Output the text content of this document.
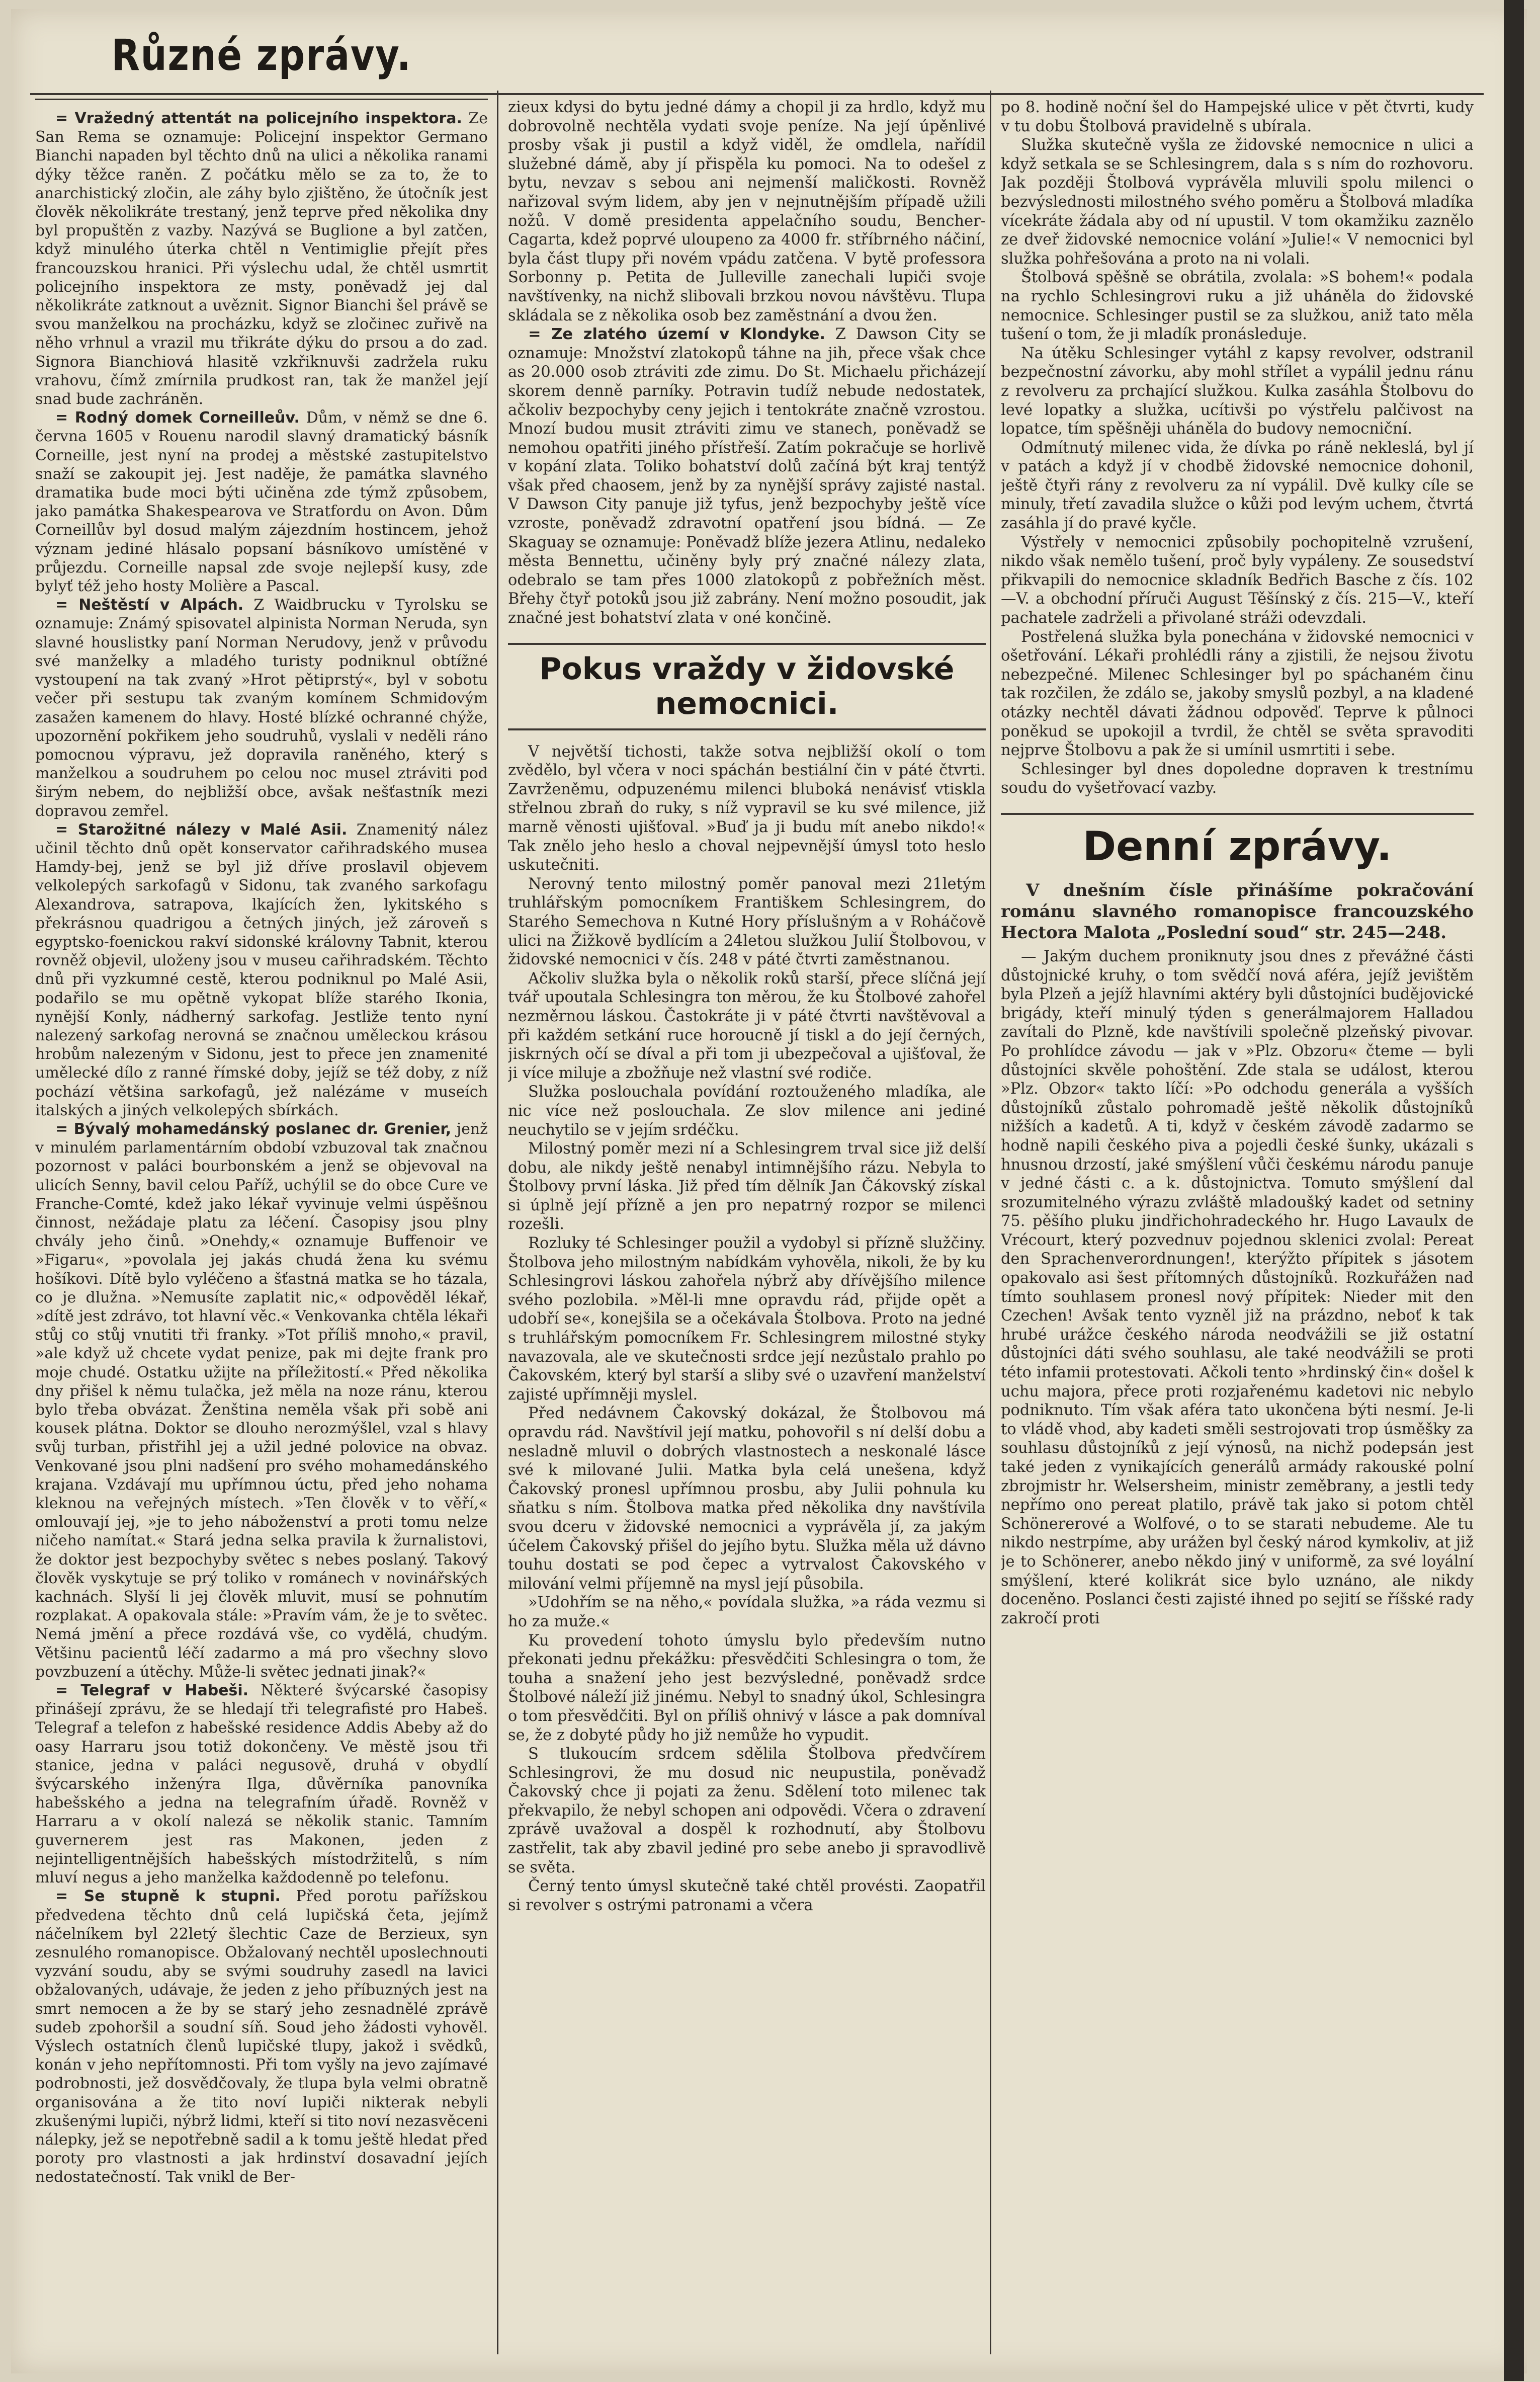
Různé zprávy.

= Vražedný attentát na policejního inspektora. Ze San Rema se oznamuje: Policejní inspektor Germano Bianchi napaden byl těchto dnů na ulici a několika ranami dýky těžce raněn. Z počátku mělo se za to, že to anarchistický zločin, ale záhy bylo zjištěno, že útočník jest člověk několikráte trestaný, jenž teprve před několika dny byl propuštěn z vazby. Nazývá se Buglione a byl zatčen, když minulého úterka chtěl n Ventimiglie přejít přes francouzskou hranici. Při výslechu udal, že chtěl usmrtit policejního inspektora ze msty, poněvadž jej dal několikráte zatknout a uvěznit. Signor Bianchi šel právě se svou manželkou na procházku, když se zločinec zuřivě na něho vrhnul a vrazil mu třikráte dýku do prsou a do zad. Signora Bianchiová hlasitě vzkřiknuvši zadržela ruku vrahovu, čímž zmírnila prudkost ran, tak že manžel její snad bude zachráněn.

= Rodný domek Corneilleův. Dům, v němž se dne 6. června 1605 v Rouenu narodil slavný dramatický básník Corneille, jest nyní na prodej a městské zastupitelstvo snaží se zakoupit jej. Jest naděje, že památka slavného dramatika bude moci býti učiněna zde týmž způsobem, jako památka Shakespearova ve Stratfordu on Avon. Dům Corneillův byl dosud malým zájezdním hostincem, jehož význam jediné hlásalo popsaní básníkovo umístěné v průjezdu. Corneille napsal zde svoje nejlepší kusy, zde bylyť též jeho hosty Molière a Pascal.

= Neštěstí v Alpách. Z Waidbrucku v Tyrolsku se oznamuje: Známý spisovatel alpinista Norman Neruda, syn slavné houslistky paní Norman Nerudovy, jenž v průvodu své manželky a mladého turisty podniknul obtížné vystoupení na tak zvaný »Hrot pětiprstý«, byl v sobotu večer při sestupu tak zvaným komínem Schmidovým zasažen kamenem do hlavy. Hosté blízké ochranné chýže, upozornění pokřikem jeho soudruhů, vyslali v neděli ráno pomocnou výpravu, jež dopravila raněného, který s manželkou a soudruhem po celou noc musel ztráviti pod širým nebem, do nejbližší obce, avšak nešťastník mezi dopravou zemřel.

= Starožitné nálezy v Malé Asii. Znamenitý nález učinil těchto dnů opět konservator cařihradského musea Hamdy-bej, jenž se byl již dříve proslavil objevem velkolepých sarkofagů v Sidonu, tak zvaného sarkofagu Alexandrova, satrapova, lkajících žen, lykitského s překrásnou quadrigou a četných jiných, jež zároveň s egyptsko-foenickou rakví sidonské královny Tabnit, kterou rovněž objevil, uloženy jsou v museu cařihradském. Těchto dnů při vyzkumné cestě, kterou podniknul po Malé Asii, podařilo se mu opětně vykopat blíže starého Ikonia, nynější Konly, nádherný sarkofag. Jestliže tento nyní nalezený sarkofag nerovná se značnou uměleckou krásou hrobům nalezeným v Sidonu, jest to přece jen znamenité umělecké dílo z ranné římské doby, jejíž se též doby, z níž pochází většina sarkofagů, jež nalézáme v museích italských a jiných velkolepých sbírkách.

= Bývalý mohamedánský poslanec dr. Grenier, jenž v minulém parlamentárním období vzbuzoval tak značnou pozornost v paláci bourbonském a jenž se objevoval na ulicích Senny, bavil celou Paříž, uchýlil se do obce Cure ve Franche-Comté, kdež jako lékař vyvinuje velmi úspěšnou činnost, nežádaje platu za léčení. Časopisy jsou plny chvály jeho činů. »Onehdy,« oznamuje Buffenoir ve »Figaru«, »povolala jej jakás chudá žena ku svému hošíkovi. Dítě bylo vyléčeno a šťastná matka se ho tázala, co je dlužna. »Nemusíte zaplatit nic,« odpověděl lékař, »dítě jest zdrávo, tot hlavní věc.« Venkovanka chtěla lékaři stůj co stůj vnutiti tři franky. »Tot příliš mnoho,« pravil, »ale když už chcete vydat penize, pak mi dejte frank pro moje chudé. Ostatku užijte na příležitostí.« Před několika dny přišel k němu tulačka, jež měla na noze ránu, kterou bylo třeba obvázat. Ženština neměla však při sobě ani kousek plátna. Doktor se dlouho nerozmýšlel, vzal s hlavy svůj turban, přistřihl jej a užil jedné polovice na obvaz. Venkované jsou plni nadšení pro svého mohamedánského krajana. Vzdávají mu upřímnou úctu, před jeho nohama kleknou na veřejných místech. »Ten člověk v to věří,« omlouvají jej, »je to jeho náboženství a proti tomu nelze ničeho namítat.« Stará jedna selka pravila k žurnalistovi, že doktor jest bezpochyby světec s nebes poslaný. Takový člověk vyskytuje se prý toliko v románech v novinářských kachnách. Slyší li jej člověk mluvit, musí se pohnutím rozplakat. A opakovala stále: »Pravím vám, že je to světec. Nemá jmění a přece rozdává vše, co vydělá, chudým. Většinu pacientů léčí zadarmo a má pro všechny slovo povzbuzení a útěchy. Může-li světec jednati jinak?«

= Telegraf v Habeši. Některé švýcarské časopisy přinášejí zprávu, že se hledají tři telegrafisté pro Habeš. Telegraf a telefon z habešské residence Addis Abeby až do oasy Harraru jsou totiž dokončeny. Ve městě jsou tři stanice, jedna v paláci negusově, druhá v obydlí švýcarského inženýra Ilga, důvěrníka panovníka habešského a jedna na telegrafním úřadě. Rovněž v Harraru a v okolí nalezá se několik stanic. Tamním guvernerem jest ras Makonen, jeden z nejintelligentnějších habešských místodržitelů, s ním mluví negus a jeho manželka každodenně po telefonu.

= Se stupně k stupni. Před porotu pařížskou předvedena těchto dnů celá lupičská četa, jejímž náčelníkem byl 22letý šlechtic Caze de Berzieux, syn zesnulého romanopisce. Obžalovaný nechtěl uposlechnouti vyzvání soudu, aby se svými soudruhy zasedl na lavici obžalovaných, udávaje, že jeden z jeho příbuzných jest na smrt nemocen a že by se starý jeho zesnadnělé zprávě sudeb zpohoršil a soudní síň. Soud jeho žádosti vyhověl. Výslech ostatních členů lupičské tlupy, jakož i svědků, konán v jeho nepřítomnosti. Při tom vyšly na jevo zajímavé podrobnosti, jež dosvědčovaly, že tlupa byla velmi obratně organisována a že tito noví lupiči nikterak nebyli zkušenými lupiči, nýbrž lidmi, kteří si tito noví nezasvěceni nálepky, jež se nepotřebně sadil a k tomu ještě hledat před poroty pro vlastnosti a jak hrdinství dosavadní jejích nedostatečností. Tak vnikl de Ber-

zieux kdysi do bytu jedné dámy a chopil ji za hrdlo, když mu dobrovolně nechtěla vydati svoje peníze. Na její úpěnlivé prosby však ji pustil a když viděl, že omdlela, nařídil služebné dámě, aby jí přispěla ku pomoci. Na to odešel z bytu, nevzav s sebou ani nejmenší maličkosti. Rovněž nařizoval svým lidem, aby jen v nejnutnějším případě užili nožů. V domě presidenta appelačního soudu, Bencher-Cagarta, kdež poprvé uloupeno za 4000 fr. stříbrného náčiní, byla část tlupy při novém vpádu zatčena. V bytě professora Sorbonny p. Petita de Julleville zanechali lupiči svoje navštívenky, na nichž slibovali brzkou novou návštěvu. Tlupa skládala se z několika osob bez zaměstnání a dvou žen.

= Ze zlatého území v Klondyke. Z Dawson City se oznamuje: Množství zlatokopů táhne na jih, přece však chce as 20.000 osob ztráviti zde zimu. Do St. Michaelu přicházejí skorem denně parníky. Potravin tudíž nebude nedostatek, ačkoliv bezpochyby ceny jejich i tentokráte značně vzrostou. Mnozí budou musit ztráviti zimu ve stanech, poněvadž se nemohou opatřiti jiného přístřeší. Zatím pokračuje se horlivě v kopání zlata. Toliko bohatství dolů začíná být kraj tentýž však před chaosem, jenž by za nynější správy zajisté nastal. V Dawson City panuje již tyfus, jenž bezpochyby ještě více vzroste, poněvadž zdravotní opatření jsou bídná. — Ze Skaguay se oznamuje: Poněvadž blíže jezera Atlinu, nedaleko města Bennettu, učiněny byly prý značné nálezy zlata, odebralo se tam přes 1000 zlatokopů z pobřežních měst. Břehy čtyř potoků jsou již zabrány. Není možno posoudit, jak značné jest bohatství zlata v oné končině.

Pokus vraždy v židovské nemocnici.

V největší tichosti, takže sotva nejbližší okolí o tom zvědělo, byl včera v noci spáchán bestiální čin v páté čtvrti. Zavrženěmu, odpuzenému milenci bluboká nenávisť vtiskla střelnou zbraň do ruky, s níž vypravil se ku své milence, již marně věnosti ujišťoval. »Buď ja ji budu mít anebo nikdo!« Tak znělo jeho heslo a choval nejpevnější úmysl toto heslo uskutečniti.

Nerovný tento milostný poměr panoval mezi 21letým truhlářským pomocníkem Františkem Schlesingrem, do Starého Semechova n Kutné Hory příslušným a v Roháčově ulici na Žižkově bydlícím a 24letou služkou Julií Štolbovou, v židovské nemocnici v čís. 248 v páté čtvrti zaměstnanou.

Ačkoliv služka byla o několik roků starší, přece slíčná její tvář upoutala Schlesingra ton měrou, že ku Štolbové zahořel nezměrnou láskou. Častokráte ji v páté čtvrti navštěvoval a při každém setkání ruce horoucně jí tiskl a do její černých, jiskrných očí se díval a při tom ji ubezpečoval a ujišťoval, že ji více miluje a zbožňuje než vlastní své rodiče.

Služka poslouchala povídání roztouženého mladíka, ale nic více než poslouchala. Ze slov milence ani jediné neuchytilo se v jejím srdéčku.

Milostný poměr mezi ní a Schlesingrem trval sice již delší dobu, ale nikdy ještě nenabyl intimnějšího rázu. Nebyla to Štolbovy první láska. Již před tím dělník Jan Čákovský získal si úplně její přízně a jen pro nepatrný rozpor se milenci rozešli.

Rozluky té Schlesinger použil a vydobyl si přízně služčiny. Štolbova jeho milostným nabídkám vyhověla, nikoli, že by ku Schlesingrovi láskou zahořela nýbrž aby dřívějšího milence svého pozlobila. »Měl-li mne opravdu rád, přijde opět a udobří se«, konejšila se a očekávala Štolbova. Proto na jedné s truhlářským pomocníkem Fr. Schlesingrem milostné styky navazovala, ale ve skutečnosti srdce její nezůstalo prahlo po Čakovském, který byl starší a sliby své o uzavření manželství zajisté upřímněji myslel.

Před nedávnem Čakovský dokázal, že Štolbovou má opravdu rád. Navštívil její matku, pohovořil s ní delší dobu a nesladně mluvil o dobrých vlastnostech a neskonalé lásce své k milované Julii. Matka byla celá unešena, když Čakovský pronesl upřímnou prosbu, aby Julii pohnula ku sňatku s ním. Štolbova matka před několika dny navštívila svou dceru v židovské nemocnici a vyprávěla jí, za jakým účelem Čakovský přišel do jejího bytu. Služka měla už dávno touhu dostati se pod čepec a vytrvalost Čakovského v milování velmi příjemně na mysl její působila.

»Udohřím se na něho,« povídala služka, »a ráda vezmu si ho za muže.«

Ku provedení tohoto úmyslu bylo především nutno překonati jednu překážku: přesvědčiti Schlesingra o tom, že touha a snažení jeho jest bezvýsledné, poněvadž srdce Štolbové náleží již jinému. Nebyl to snadný úkol, Schlesingra o tom přesvědčiti. Byl on příliš ohnivý v lásce a pak domníval se, že z dobyté půdy ho již nemůže ho vypudit.

S tlukoucím srdcem sdělila Štolbova předvčírem Schlesingrovi, že mu dosud nic neupustila, poněvadž Čakovský chce ji pojati za ženu. Sdělení toto milenec tak překvapilo, že nebyl schopen ani odpovědi. Včera o zdravení zprávě uvažoval a dospěl k rozhodnutí, aby Štolbovu zastřelit, tak aby zbavil jediné pro sebe anebo ji spravodlivě se světa.

Černý tento úmysl skutečně také chtěl provésti. Zaopatřil si revolver s ostrými patronami a včera

po 8. hodině noční šel do Hampejské ulice v pět čtvrti, kudy v tu dobu Štolbová pravidelně s ubírala.

Služka skutečně vyšla ze židovské nemocnice n ulici a když setkala se se Schlesingrem, dala s s ním do rozhovoru. Jak později Štolbová vyprávěla mluvili spolu milenci o bezvýslednosti milostného svého poměru a Štolbová mladíka vícekráte žádala aby od ní upustil. V tom okamžiku zaznělo ze dveř židovské nemocnice volání »Julie!« V nemocnici byl služka pohřešována a proto na ni volali.

Štolbová spěšně se obrátila, zvolala: »S bohem!« podala na rychlo Schlesingrovi ruku a již uháněla do židovské nemocnice. Schlesinger pustil se za služkou, aniž tato měla tušení o tom, že ji mladík pronásleduje.

Na útěku Schlesinger vytáhl z kapsy revolver, odstranil bezpečnostní závorku, aby mohl střílet a vypálil jednu ránu z revolveru za prchající služkou. Kulka zasáhla Štolbovu do levé lopatky a služka, ucítivši po výstřelu palčivost na lopatce, tím spěšněji uháněla do budovy nemocniční.

Odmítnutý milenec vida, že dívka po ráně nekleslá, byl jí v patách a když jí v chodbě židovské nemocnice dohonil, ještě čtyři rány z revolveru za ní vypálil. Dvě kulky cíle se minuly, třetí zavadila služce o kůži pod levým uchem, čtvrtá zasáhla jí do pravé kyčle.

Výstřely v nemocnici způsobily pochopitelně vzrušení, nikdo však nemělo tušení, proč byly vypáleny. Ze sousedství přikvapili do nemocnice skladník Bedřich Basche z čís. 102—V. a obchodní příruči August Těšínský z čís. 215—V., kteří pachatele zadrželi a přivolané stráži odevzdali.

Postřelená služka byla ponechána v židovské nemocnici v ošetřování. Lékaři prohlédli rány a zjistili, že nejsou životu nebezpečné. Milenec Schlesinger byl po spáchaném činu tak rozčilen, že zdálo se, jakoby smyslů pozbyl, a na kladené otázky nechtěl dávati žádnou odpověď. Teprve k půlnoci poněkud se upokojil a tvrdil, že chtěl se světa spravoditi nejprve Štolbovu a pak že si umínil usmrtiti i sebe.

Schlesinger byl dnes dopoledne dopraven k trestnímu soudu do vyšetřovací vazby.

Denní zprávy.

V dnešním čísle přinášíme pokračování románu slavného romanopisce francouzského Hectora Malota „Poslední soud“ str. 245—248.

— Jakým duchem proniknuty jsou dnes z převážné části důstojnické kruhy, o tom svědčí nová aféra, jejíž jevištěm byla Plzeň a jejíž hlavními aktéry byli důstojníci budějovické brigády, kteří minulý týden s generálmajorem Halladou zavítali do Plzně, kde navštívili společně plzeňský pivovar. Po prohlídce závodu — jak v »Plz. Obzoru« čteme — byli důstojníci skvěle pohoštění. Zde stala se událost, kterou »Plz. Obzor« takto líčí: »Po odchodu generála a vyšších důstojníků zůstalo pohromadě ještě několik důstojníků nižších a kadetů. A ti, když v českém závodě zadarmo se hodně napili českého piva a pojedli české šunky, ukázali s hnusnou drzostí, jaké smýšlení vůči českému národu panuje v jedné části c. a k. důstojnictva. Tomuto smýšlení dal srozumitelného výrazu zvláště mladoušký kadet od setniny 75. pěšího pluku jindřichohradeckého hr. Hugo Lavaulx de Vrécourt, který pozvednuv pojednou sklenici zvolal: Pereat den Sprachenverordnungen!, kterýžto přípitek s jásotem opakovalo asi šest přítomných důstojníků. Rozkuřážen nad tímto souhlasem pronesl nový přípitek: Nieder mit den Czechen! Avšak tento vyzněl již na prázdno, neboť k tak hrubé urážce českého národa neodvážili se již ostatní důstojníci dáti svého souhlasu, ale také neodvážili se proti této infamii protestovati. Ačkoli tento »hrdinský čin« došel k uchu majora, přece proti rozjařenému kadetovi nic nebylo podniknuto. Tím však aféra tato ukončena býti nesmí. Je-li to vládě vhod, aby kadeti směli sestrojovati trop úsměšky za souhlasu důstojníků z její výnosů, na nichž podepsán jest také jeden z vynikajících generálů armády rakouské polní zbrojmistr hr. Welsersheim, ministr zeměbrany, a jestli tedy nepřímo ono pereat platilo, právě tak jako si potom chtěl Schönererové a Wolfové, o to se starati nebudeme. Ale tu nikdo nestrpíme, aby urážen byl český národ kymkoliv, at již je to Schönerer, anebo někdo jiný v uniformě, za své loyální smýšlení, které kolikrát sice bylo uznáno, ale nikdy doceněno. Poslanci česti zajisté ihned po sejití se říšské rady zakročí proti
